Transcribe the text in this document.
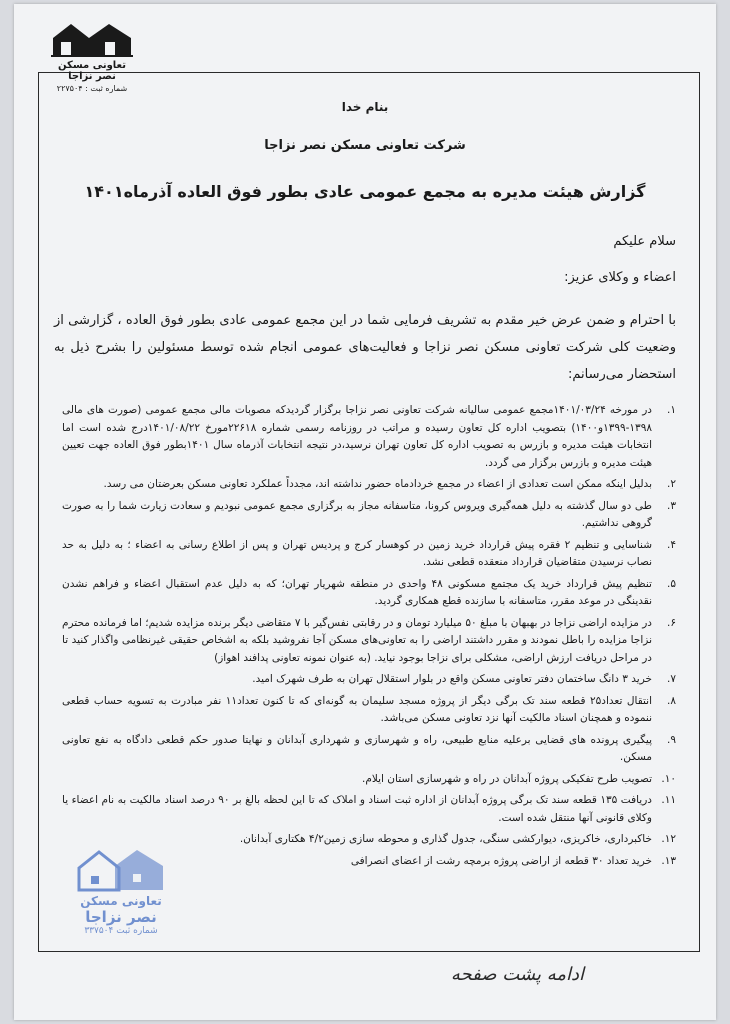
تعاونی مسکن
نصر نزاجا
شماره ثبت : ۲۲۷۵۰۴
بنام خدا
شرکت تعاونی مسکن نصر نزاجا
گزارش هیئت مدیره به مجمع عمومی عادی بطور فوق العاده آذرماه۱۴۰۱
سلام علیکم
اعضاء و وکلای عزیز:
با احترام و ضمن عرض خیر مقدم به تشریف فرمایی شما در این مجمع عمومی عادی بطور فوق العاده ، گزارشی از وضعیت کلی شرکت تعاونی مسکن نصر نزاجا و فعالیت‌های عمومی انجام شده توسط مسئولین را بشرح ذیل به استحضار می‌رسانم:
۱.
در مورخه ۱۴۰۱/۰۳/۲۴مجمع عمومی سالیانه شرکت تعاونی نصر نزاجا برگزار گردیدکه مصوبات مالی مجمع عمومی (صورت های مالی ۱۳۹۸-۱۳۹۹و۱۴۰۰) بتصویب اداره کل تعاون رسیده و مراتب در روزنامه رسمی شماره ۲۲۶۱۸مورخ ۱۴۰۱/۰۸/۲۲درج شده است اما انتخابات هیئت مدیره و بازرس به تصویب اداره کل تعاون تهران نرسید،در نتیجه انتخابات آذرماه سال ۱۴۰۱بطور فوق العاده جهت تعیین هیئت مدیره و بازرس برگزار می گردد.
۲.
بدلیل اینکه ممکن است تعدادی از اعضاء در مجمع خردادماه حضور نداشته اند، مجدداً عملکرد تعاونی مسکن بعرضتان می رسد.
۳.
طی دو سال گذشته به دلیل همه‌گیری ویروس کرونا، متاسفانه مجاز به برگزاری مجمع عمومی نبودیم و سعادت زیارت شما را به صورت گروهی نداشتیم.
۴.
شناسایی و تنظیم ۲ فقره پیش قرارداد خرید زمین در کوهسار کرج و پردیس تهران و پس از اطلاع رسانی به اعضاء ؛ به دلیل به حد نصاب نرسیدن متقاضیان قرارداد منعقده قطعی نشد.
۵.
تنظیم پیش قرارداد خرید یک مجتمع مسکونی ۴۸ واحدی در منطقه شهریار تهران؛ که به دلیل عدم استقبال اعضاء و فراهم نشدن نقدینگی در موعد مقرر، متاسفانه با سازنده قطع همکاری گردید.
۶.
در مزایده اراضی نزاجا در بهبهان با مبلغ ۵۰ میلیارد تومان و در رقابتی نفس‌گیر با ۷ متقاضی دیگر برنده مزایده شدیم؛ اما فرمانده محترم نزاجا مزایده را باطل نمودند و مقرر داشتند اراضی را به تعاونی‌های مسکن آجا نفروشید بلکه به اشخاص حقیقی غیرنظامی واگذار کنید تا در مراحل دریافت ارزش اراضی، مشکلی برای نزاجا بوجود نیاید. (به عنوان نمونه تعاونی پدافند اهواز)
۷.
خرید ۳ دانگ ساختمان دفتر تعاونی مسکن واقع در بلوار استقلال تهران به طرف شهرک امید.
۸.
انتقال تعداد۲۵ قطعه سند تک برگی دیگر از پروژه مسجد سلیمان به گونه‌ای که تا کنون تعداد۱۱ نفر مبادرت به تسویه حساب قطعی ننموده و همچنان اسناد مالکیت آنها نزد تعاونی مسکن می‌باشد.
۹.
پیگیری پرونده های قضایی برعلیه منابع طبیعی، راه و شهرسازی و شهرداری آبدانان و نهایتا صدور حکم قطعی دادگاه به نفع تعاونی مسکن.
۱۰.
تصویب طرح تفکیکی پروژه آبدانان در راه و شهرسازی استان ایلام.
۱۱.
دریافت ۱۳۵ قطعه سند تک برگی پروژه آبدانان از اداره ثبت اسناد و املاک که تا این لحظه بالغ بر ۹۰ درصد اسناد مالکیت به نام اعضاء یا وکلای قانونی آنها منتقل شده است.
۱۲.
خاکبرداری، خاکریزی، دیوارکشی سنگی، جدول گذاری و محوطه سازی زمین۴/۲ هکتاری آبدانان.
۱۳.
خرید تعداد ۳۰ قطعه از اراضی پروژه برمچه رشت از اعضای انصرافی
تعاونی مسکن
نصر نزاجا
شماره ثبت ۳۳۷۵۰۴
ادامه پشت صفحه
